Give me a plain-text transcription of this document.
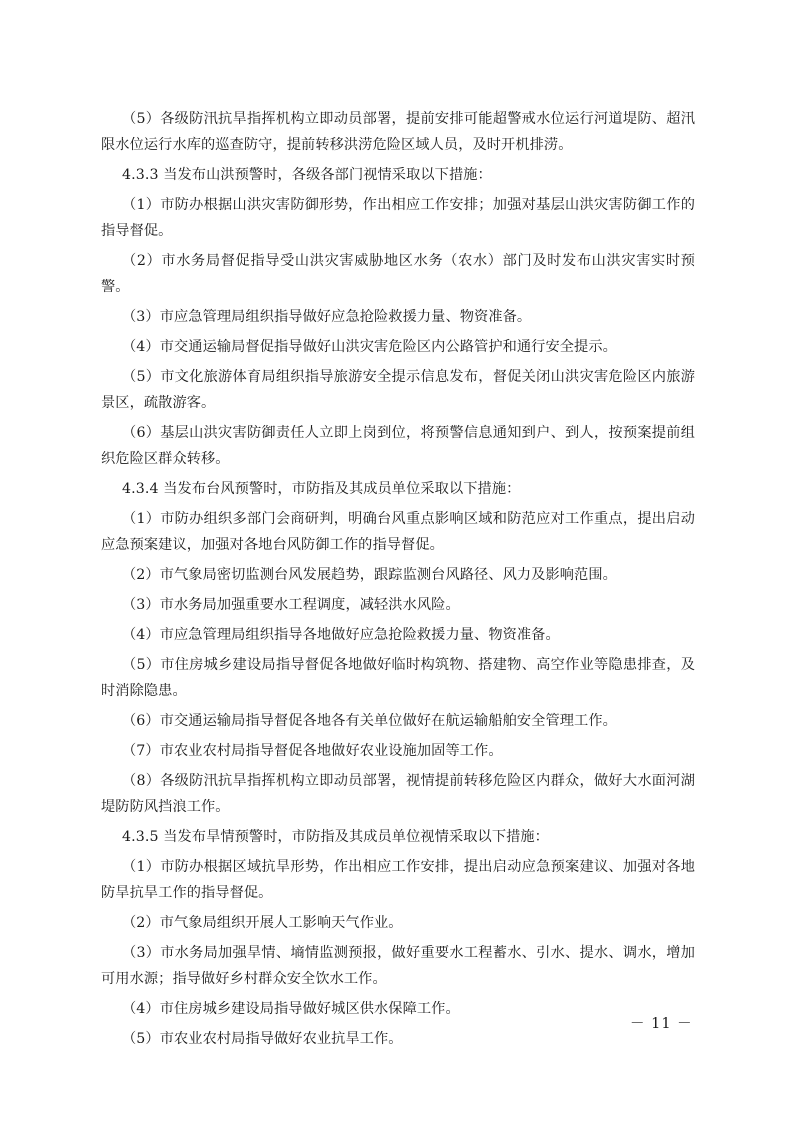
（5）各级防汛抗旱指挥机构立即动员部署，提前安排可能超警戒水位运行河道堤防、超汛限水位运行水库的巡查防守，提前转移洪涝危险区域人员，及时开机排涝。

4.3.3 当发布山洪预警时，各级各部门视情采取以下措施：

（1）市防办根据山洪灾害防御形势，作出相应工作安排；加强对基层山洪灾害防御工作的指导督促。

（2）市水务局督促指导受山洪灾害威胁地区水务（农水）部门及时发布山洪灾害实时预警。

（3）市应急管理局组织指导做好应急抢险救援力量、物资准备。

（4）市交通运输局督促指导做好山洪灾害危险区内公路管护和通行安全提示。

（5）市文化旅游体育局组织指导旅游安全提示信息发布，督促关闭山洪灾害危险区内旅游景区，疏散游客。

（6）基层山洪灾害防御责任人立即上岗到位，将预警信息通知到户、到人，按预案提前组织危险区群众转移。

4.3.4 当发布台风预警时，市防指及其成员单位采取以下措施：

（1）市防办组织多部门会商研判，明确台风重点影响区域和防范应对工作重点，提出启动应急预案建议，加强对各地台风防御工作的指导督促。

（2）市气象局密切监测台风发展趋势，跟踪监测台风路径、风力及影响范围。

（3）市水务局加强重要水工程调度，减轻洪水风险。

（4）市应急管理局组织指导各地做好应急抢险救援力量、物资准备。

（5）市住房城乡建设局指导督促各地做好临时构筑物、搭建物、高空作业等隐患排查，及时消除隐患。

（6）市交通运输局指导督促各地各有关单位做好在航运输船舶安全管理工作。

（7）市农业农村局指导督促各地做好农业设施加固等工作。

（8）各级防汛抗旱指挥机构立即动员部署，视情提前转移危险区内群众，做好大水面河湖堤防防风挡浪工作。

4.3.5 当发布旱情预警时，市防指及其成员单位视情采取以下措施：

（1）市防办根据区域抗旱形势，作出相应工作安排，提出启动应急预案建议、加强对各地防旱抗旱工作的指导督促。

（2）市气象局组织开展人工影响天气作业。

（3）市水务局加强旱情、墒情监测预报，做好重要水工程蓄水、引水、提水、调水，增加可用水源；指导做好乡村群众安全饮水工作。

（4）市住房城乡建设局指导做好城区供水保障工作。

（5）市农业农村局指导做好农业抗旱工作。

－ 11 －
